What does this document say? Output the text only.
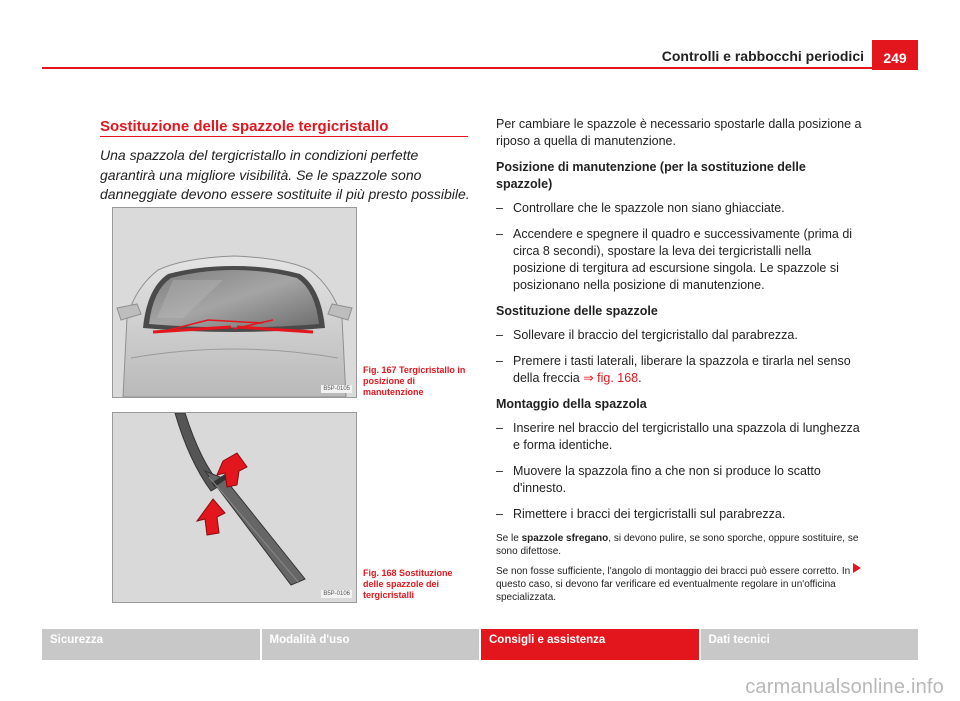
Controlli e rabbocchi periodici	249
Sostituzione delle spazzole tergicristallo
Una spazzola del tergicristallo in condizioni perfette garantirà una migliore visibilità. Se le spazzole sono danneggiate devono essere sostituite il più presto possibile.
B5P-0105
Fig. 167 Tergicristallo in posizione di manutenzione
B5P-0106
Fig. 168 Sostituzione delle spazzole dei tergicristalli

Per cambiare le spazzole è necessario spostarle dalla posizione a riposo a quella di manutenzione.

Posizione di manutenzione (per la sostituzione delle spazzole)

– Controllare che le spazzole non siano ghiacciate.
– Accendere e spegnere il quadro e successivamente (prima di circa 8 secondi), spostare la leva dei tergicristalli nella posizione di tergitura ad escursione singola. Le spazzole si posizionano nella posizione di manutenzione.

Sostituzione delle spazzole

– Sollevare il braccio del tergicristallo dal parabrezza.
– Premere i tasti laterali, liberare la spazzola e tirarla nel senso della freccia ⇒ fig. 168.

Montaggio della spazzola

– Inserire nel braccio del tergicristallo una spazzola di lunghezza e forma identiche.
– Muovere la spazzola fino a che non si produce lo scatto d'innesto.
– Rimettere i bracci dei tergicristalli sul parabrezza.

Se le spazzole sfregano, si devono pulire, se sono sporche, oppure sostituire, se sono difettose.

Se non fosse sufficiente, l'angolo di montaggio dei bracci può essere corretto. In questo caso, si devono far verificare ed eventualmente regolare in un'officina specializzata.

Sicurezza	Modalità d'uso	Consigli e assistenza	Dati tecnici
carmanualsonline.info
